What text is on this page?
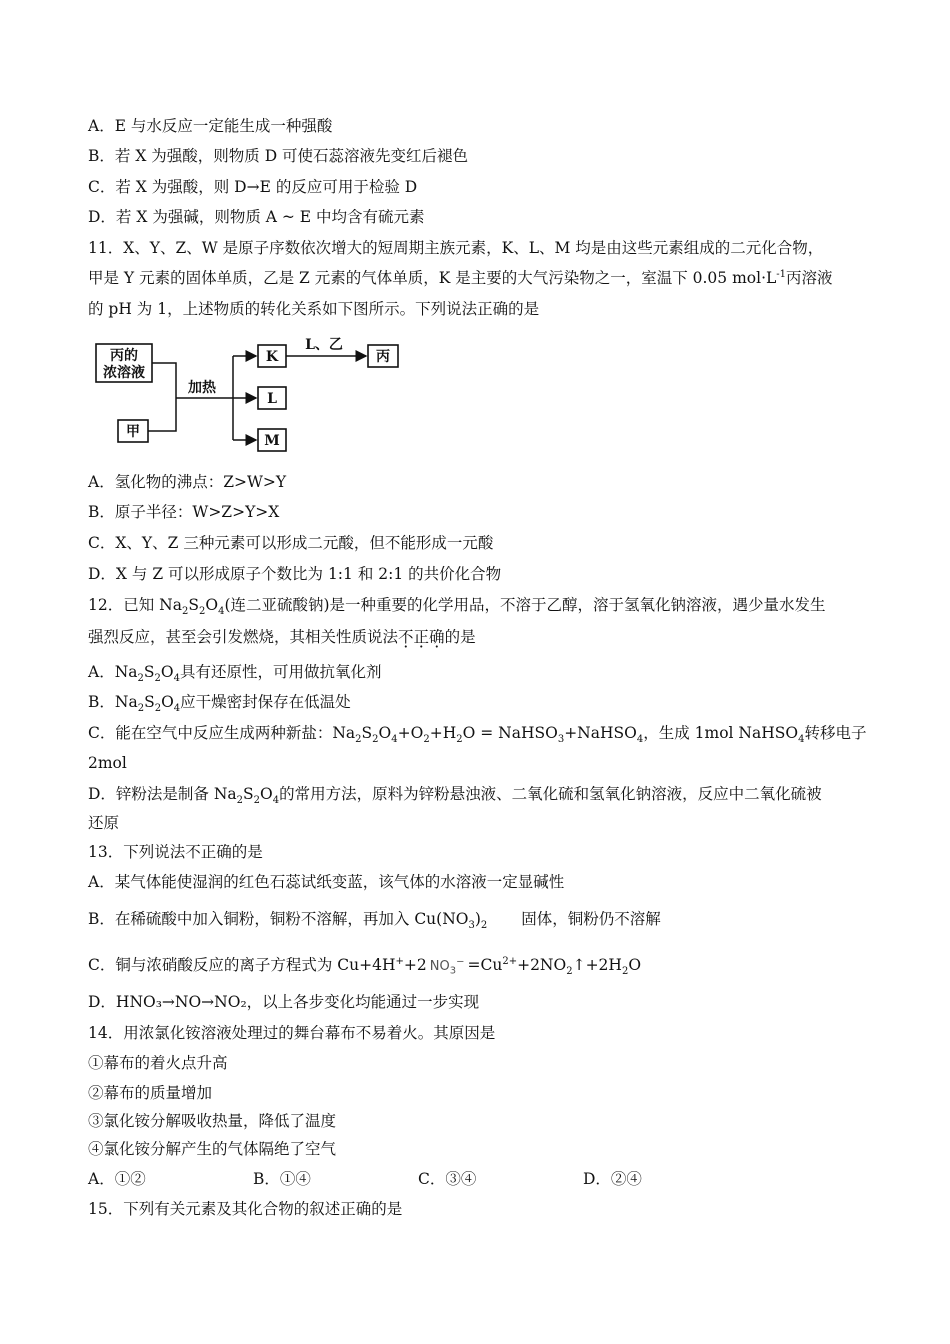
A．E 与水反应一定能生成一种强酸
B．若 X 为强酸，则物质 D 可使石蕊溶液先变红后褪色
C．若 X 为强酸，则 D→E 的反应可用于检验 D
D．若 X 为强碱，则物质 A ~ E 中均含有硫元素
11．X、Y、Z、W 是原子序数依次增大的短周期主族元素，K、L、M 均是由这些元素组成的二元化合物，
甲是 Y 元素的固体单质，乙是 Z 元素的气体单质，K 是主要的大气污染物之一，室温下 0.05 $mol\cdot L^{-1}$丙溶液
的 pH 为 1，上述物质的转化关系如下图所示。下列说法正确的是
丙的
浓溶液
甲
加热
K
L
M
L、乙
丙
A．氢化物的沸点：Z>W>Y
B．原子半径：W>Z>Y>X
C．X、Y、Z 三种元素可以形成二元酸，但不能形成一元酸
D．X 与 Z 可以形成原子个数比为 1:1 和 2:1 的共价化合物
12．已知 $Na_2S_2O_4$(连二亚硫酸钠)是一种重要的化学用品，不溶于乙醇，溶于氢氧化钠溶液，遇少量水发生
强烈反应，甚至会引发燃烧，其相关性质说法不正确的是
A．$Na_2S_2O_4$具有还原性，可用做抗氧化剂
B．$Na_2S_2O_4$应干燥密封保存在低温处
C．能在空气中反应生成两种新盐：$Na_2S_2O_4+O_2+H_2O$ = NaHSO$_3$+NaHSO$_4$，生成 1mol NaHSO$_4$转移电子
2mol
D．锌粉法是制备 $Na_2S_2O_4$的常用方法，原料为锌粉悬浊液、二氧化硫和氢氧化钠溶液，反应中二氧化硫被
还原
13．下列说法不正确的是
A．某气体能使湿润的红色石蕊试纸变蓝，该气体的水溶液一定显碱性
B．在稀硫酸中加入铜粉，铜粉不溶解，再加入 $Cu(NO_3)_2$ 固体，铜粉仍不溶解
C．铜与浓硝酸反应的离子方程式为 Cu+4H++2 $NO_3^-$ $=Cu^{2+}+2NO_2↑+2H_2O$
D．HNO₃→NO→NO₂，以上各步变化均能通过一步实现
14．用浓氯化铵溶液处理过的舞台幕布不易着火。其原因是
①幕布的着火点升高
②幕布的质量增加
③氯化铵分解吸收热量，降低了温度
④氯化铵分解产生的气体隔绝了空气
A．①②	B．①④	C．③④	D．②④
15．下列有关元素及其化合物的叙述正确的是
